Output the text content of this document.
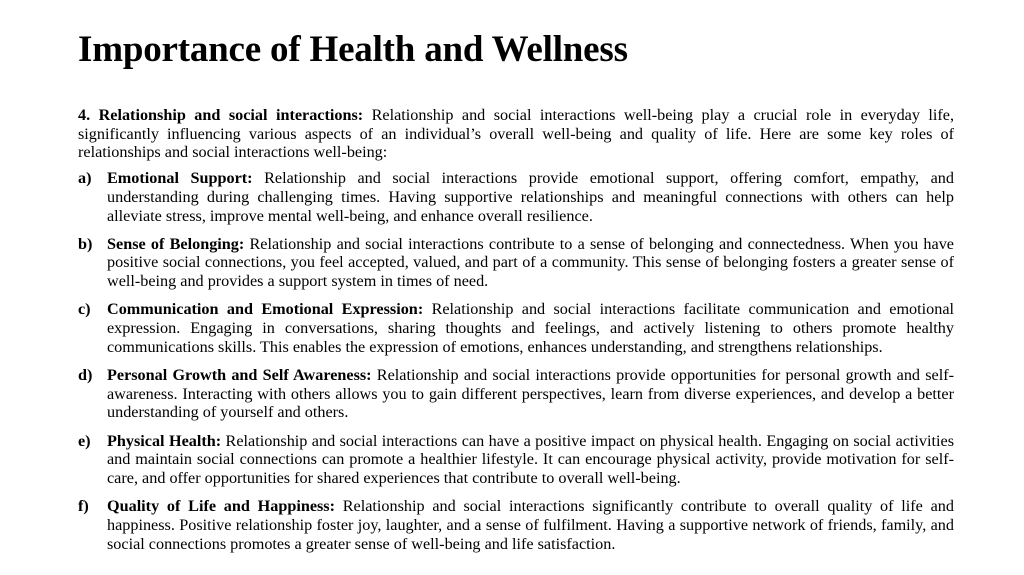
Importance of Health and Wellness

4. Relationship and social interactions: Relationship and social interactions well-being play a crucial role in everyday life, significantly influencing various aspects of an individual’s overall well-being and quality of life. Here are some key roles of relationships and social interactions well-being:

a) Emotional Support: Relationship and social interactions provide emotional support, offering comfort, empathy, and understanding during challenging times. Having supportive relationships and meaningful connections with others can help alleviate stress, improve mental well-being, and enhance overall resilience.
b) Sense of Belonging: Relationship and social interactions contribute to a sense of belonging and connectedness. When you have positive social connections, you feel accepted, valued, and part of a community. This sense of belonging fosters a greater sense of well-being and provides a support system in times of need.
c)	Communication and Emotional Expression: Relationship and social interactions facilitate communication and emotional expression. Engaging in conversations, sharing thoughts and feelings, and actively listening to others promote healthy communications skills. This enables the expression of emotions, enhances understanding, and strengthens relationships.
d) Personal Growth and Self Awareness: Relationship and social interactions provide opportunities for personal growth and self-awareness. Interacting with others allows you to gain different perspectives, learn from diverse experiences, and develop a better understanding of yourself and others.
e)	Physical Health: Relationship and social interactions can have a positive impact on physical health. Engaging on social activities and maintain social connections can promote a healthier lifestyle. It can encourage physical activity, provide motivation for self-care, and offer opportunities for shared experiences that contribute to overall well-being.
f)	Quality of Life and Happiness: Relationship and social interactions significantly contribute to overall quality of life and happiness. Positive relationship foster joy, laughter, and a sense of fulfilment. Having a supportive network of friends, family, and social connections promotes a greater sense of well-being and life satisfaction.
